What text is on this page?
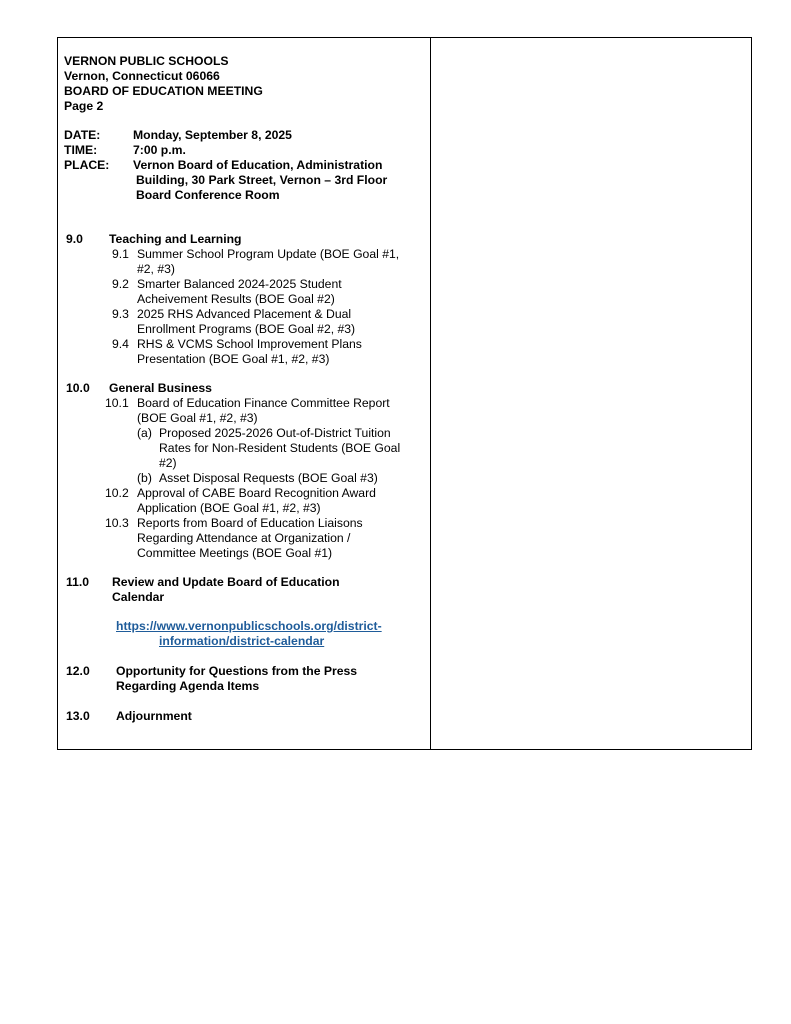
VERNON PUBLIC SCHOOLS
Vernon, Connecticut 06066
BOARD OF EDUCATION MEETING
Page 2
DATE:	Monday, September 8, 2025
TIME:	7:00 p.m.
PLACE: Vernon Board of Education, Administration
Building, 30 Park Street, Vernon – 3rd Floor
Board Conference Room
9.0 Teaching and Learning
9.1 Summer School Program Update (BOE Goal #1,
#2, #3)
9.2 Smarter Balanced 2024-2025 Student
Acheivement Results (BOE Goal #2)
9.3 2025 RHS Advanced Placement & Dual
Enrollment Programs (BOE Goal #2, #3)
9.4 RHS & VCMS School Improvement Plans
Presentation (BOE Goal #1, #2, #3)
10.0 General Business
10.1 Board of Education Finance Committee Report
(BOE Goal #1, #2, #3)
(a) Proposed 2025-2026 Out-of-District Tuition
Rates for Non-Resident Students (BOE Goal
#2)
(b) Asset Disposal Requests (BOE Goal #3)
10.2 Approval of CABE Board Recognition Award
Application (BOE Goal #1, #2, #3)
10.3 Reports from Board of Education Liaisons
Regarding Attendance at Organization /
Committee Meetings (BOE Goal #1)
11.0 Review and Update Board of Education
Calendar
https://www.vernonpublicschools.org/district-
information/district-calendar
12.0 Opportunity for Questions from the Press
Regarding Agenda Items
13.0 Adjournment
